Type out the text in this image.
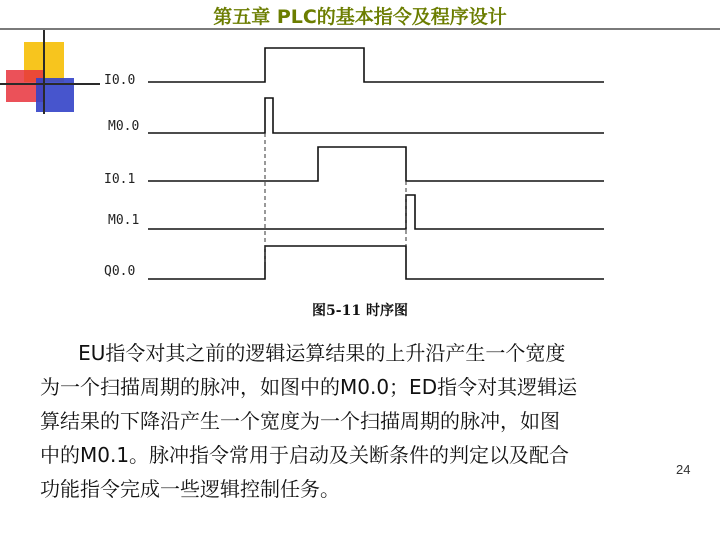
第五章 PLC的基本指令及程序设计
I0.0
M0.0
I0.1
M0.1
Q0.0
图5-11 时序图
EU指令对其之前的逻辑运算结果的上升沿产生一个宽度
为一个扫描周期的脉冲，如图中的M0.0；ED指令对其逻辑运
算结果的下降沿产生一个宽度为一个扫描周期的脉冲，如图
中的M0.1。脉冲指令常用于启动及关断条件的判定以及配合
功能指令完成一些逻辑控制任务。
24
